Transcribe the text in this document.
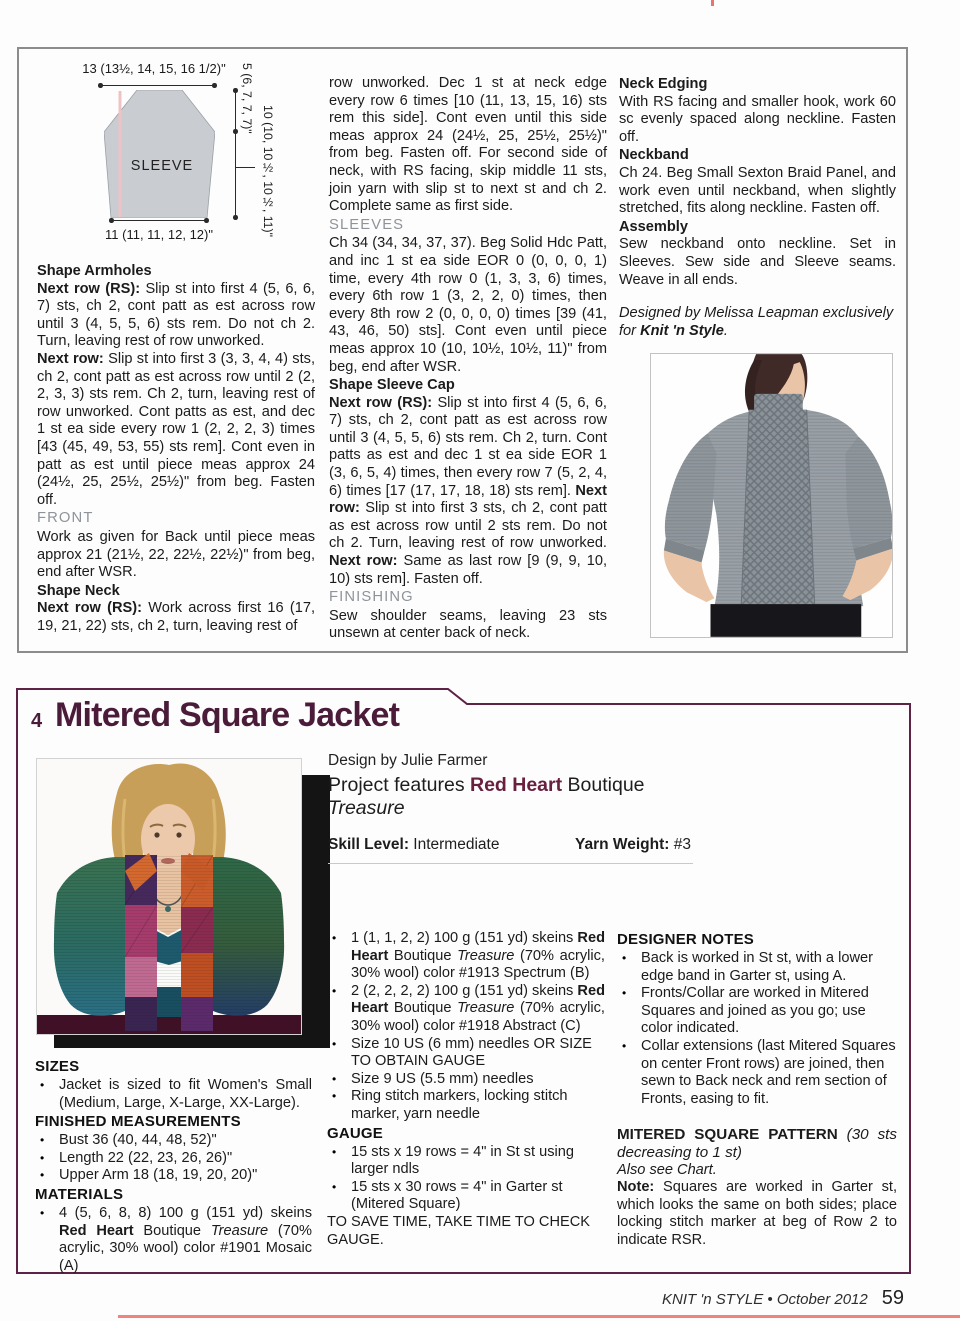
13 (13½, 14, 15, 16 1/2)"
SLEEVE
5 (6, 7, 7, 7)"
10 (10, 10½, 10½, 11)"
11 (11, 11, 12, 12)"
Shape Armholes

Next row (RS): Slip st into first 4 (5, 6, 6, 7) sts, ch 2, cont patt as est across row until 3 (4, 5, 5, 6) sts rem. Do not ch 2. Turn, leaving rest of row unworked.

Next row: Slip st into first 3 (3, 3, 4, 4) sts, ch 2, cont patt as est across row until 2 (2, 2, 3, 3) sts rem. Ch 2, turn, leaving rest of row unworked. Cont patts as est, and dec 1 st ea side every row 1 (2, 2, 2, 3) times [43 (45, 49, 53, 55) sts rem]. Cont even in patt as est until piece meas approx 24 (24½, 25, 25½, 25½)" from beg. Fasten off.

FRONT

Work as given for Back until piece meas approx 21 (21½, 22, 22½, 22½)" from beg, end after WSR.

Shape Neck

Next row (RS): Work across first 16 (17, 19, 21, 22) sts, ch 2, turn, leaving rest of

row unworked. Dec 1 st at neck edge every row 6 times [10 (11, 13, 15, 16) sts rem this side]. Cont even until this side meas approx 24 (24½, 25, 25½, 25½)" from beg. Fasten off. For second side of neck, with RS facing, skip middle 11 sts, join yarn with slip st to next st and ch 2. Complete same as first side.

SLEEVES

Ch 34 (34, 34, 37, 37). Beg Solid Hdc Patt, and inc 1 st ea side EOR 0 (0, 0, 0, 1) time, every 4th row 0 (1, 3, 3, 6) times, every 6th row 1 (3, 2, 2, 0) times, then every 8th row 2 (0, 0, 0, 0) times [39 (41, 43, 46, 50) sts]. Cont even until piece meas approx 10 (10, 10½, 10½, 11)" from beg, end after WSR.

Shape Sleeve Cap

Next row (RS): Slip st into first 4 (5, 6, 6, 7) sts, ch 2, cont patt as est across row until 3 (4, 5, 5, 6) sts rem. Ch 2, turn. Cont patts as est and dec 1 st ea side EOR 1 (3, 6, 5, 4) times, then every row 7 (5, 2, 4, 6) times [17 (17, 17, 18, 18) sts rem]. Next row: Slip st into first 3 sts, ch 2, cont patt as est across row until 2 sts rem. Do not ch 2. Turn, leaving rest of row unworked. Next row: Same as last row [9 (9, 9, 10, 10) sts rem]. Fasten off.

FINISHING

Sew shoulder seams, leaving 23 sts unsewn at center back of neck.

Neck Edging

With RS facing and smaller hook, work 60 sc evenly spaced along neckline. Fasten off.

Neckband

Ch 24. Beg Small Sexton Braid Panel, and work even until neckband, when slightly stretched, fits along neckline. Fasten off.

Assembly

Sew neckband onto neckline. Set in Sleeves. Sew side and Sleeve seams. Weave in all ends.

Designed by Melissa Leapman exclusively for Knit 'n Style.

4 Mitered Square Jacket
Design by Julie Farmer
Project features Red Heart Boutique Treasure
Skill Level: Intermediate	Yarn Weight: #3
SIZES
•	Jacket is sized to fit Women's Small (Medium, Large, X-Large, XX-Large).
FINISHED MEASUREMENTS
•	Bust 36 (40, 44, 48, 52)"
•	Length 22 (22, 23, 26, 26)"
•	Upper Arm 18 (18, 19, 20, 20)"
MATERIALS
•	4 (5, 6, 8, 8) 100 g (151 yd) skeins Red Heart Boutique Treasure (70% acrylic, 30% wool) color #1901 Mosaic (A)
•	1 (1, 1, 2, 2) 100 g (151 yd) skeins Red Heart Boutique Treasure (70% acrylic, 30% wool) color #1913 Spectrum (B)
•	2 (2, 2, 2, 2) 100 g (151 yd) skeins Red Heart Boutique Treasure (70% acrylic, 30% wool) color #1918 Abstract (C)
•	Size 10 US (6 mm) needles OR SIZE TO OBTAIN GAUGE
•	Size 9 US (5.5 mm) needles
•	Ring stitch markers, locking stitch marker, yarn needle
GAUGE
•	15 sts x 19 rows = 4" in St st using larger ndls
•	15 sts x 30 rows = 4" in Garter st (Mitered Square)

TO SAVE TIME, TAKE TIME TO CHECK GAUGE.

DESIGNER NOTES
•	Back is worked in St st, with a lower edge band in Garter st, using A.
•	Fronts/Collar are worked in Mitered Squares and joined as you go; use color indicated.
•	Collar extensions (last Mitered Squares on center Front rows) are joined, then sewn to Back neck and rem section of Fronts, easing to fit.

MITERED SQUARE PATTERN (30 sts decreasing to 1 st)

Also see Chart.

Note: Squares are worked in Garter st, which looks the same on both sides; place locking stitch marker at beg of Row 2 to indicate RSR.

KNIT 'n STYLE • October 2012 59
